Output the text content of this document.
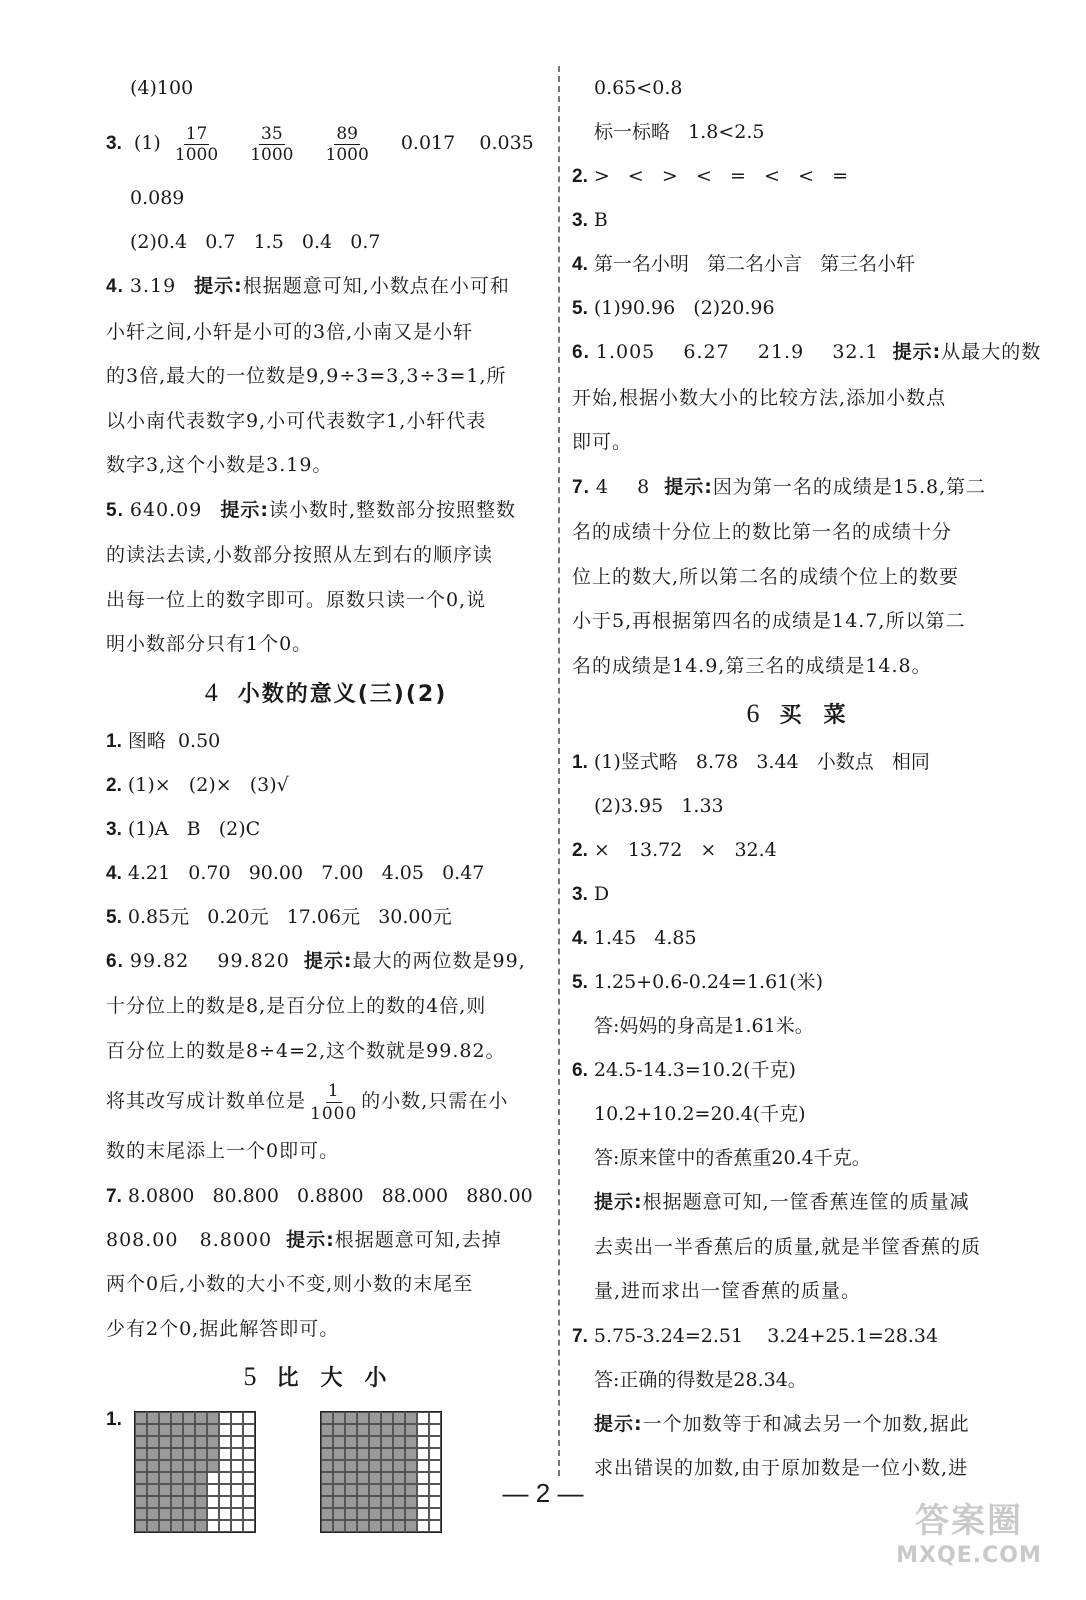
(4)100
3. $(1) \frac{17}{1000}$
$\frac{35}{1000}$
$\frac{89}{1000} 0.017$    0.035
0.089
(2)0.4   0.7   1.5   0.4   0.7
4. 3.19 提示:根据题意可知,小数点在小可和
小轩之间,小轩是小可的3倍,小南又是小轩
的3倍,最大的一位数是9,9÷3=3,3÷3=1,所
以小南代表数字9,小可代表数字1,小轩代表
数字3,这个小数是3.19。
5. 640.09 提示:读小数时,整数部分按照整数
的读法去读,小数部分按照从左到右的顺序读
出每一位上的数字即可。原数只读一个0,说
明小数部分只有1个0。
4 小数的意义(三)(2)
1. 图略  0.50
2. (1)×   (2)×   (3)√
3. (1)A   B   (2)C
4. 4.21   0.70   90.00   7.00   4.05   0.47
5. 0.85元   0.20元   17.06元   30.00元
6. 99.82    99.820 提示:最大的两位数是99,
十分位上的数是8,是百分位上的数的4倍,则
百分位上的数是8÷4=2,这个数就是99.82。
将其改写成计数单位是 $\frac{1}{1000}$ 的小数,只需在小
数的末尾添上一个0即可。
7. 8.0800   80.800   0.8800   88.000   880.00
808.00   8.8000 提示:根据题意可知,去掉
两个0后,小数的大小不变,则小数的末尾至
少有2个0,据此解答即可。
5 比大小
1.
0.65<0.8
标一标略   1.8<2.5
2. >   <   >   <   =   <   <   =
3. B
4. 第一名小明   第二名小言   第三名小轩
5. (1)90.96   (2)20.96
6. 1.005    6.27    21.9    32.1 提示:从最大的数
开始,根据小数大小的比较方法,添加小数点
即可。
7. 4    8 提示:因为第一名的成绩是15.8,第二
名的成绩十分位上的数比第一名的成绩十分
位上的数大,所以第二名的成绩个位上的数要
小于5,再根据第四名的成绩是14.7,所以第二
名的成绩是14.9,第三名的成绩是14.8。
6 买菜
1. (1)竖式略   8.78   3.44   小数点   相同
(2)3.95   1.33
2. ×   13.72   ×   32.4
3. D
4. 1.45   4.85
5. 1.25+0.6-0.24=1.61(米)
答:妈妈的身高是1.61米。
6. 24.5-14.3=10.2(千克)
10.2+10.2=20.4(千克)
答:原来筐中的香蕉重20.4千克。
提示:根据题意可知,一筐香蕉连筐的质量减
去卖出一半香蕉后的质量,就是半筐香蕉的质
量,进而求出一筐香蕉的质量。
7. 5.75-3.24=2.51    3.24+25.1=28.34
答:正确的得数是28.34。
提示:一个加数等于和减去另一个加数,据此
求出错误的加数,由于原加数是一位小数,进
— 2 —
答案圈
MXQE.COM
